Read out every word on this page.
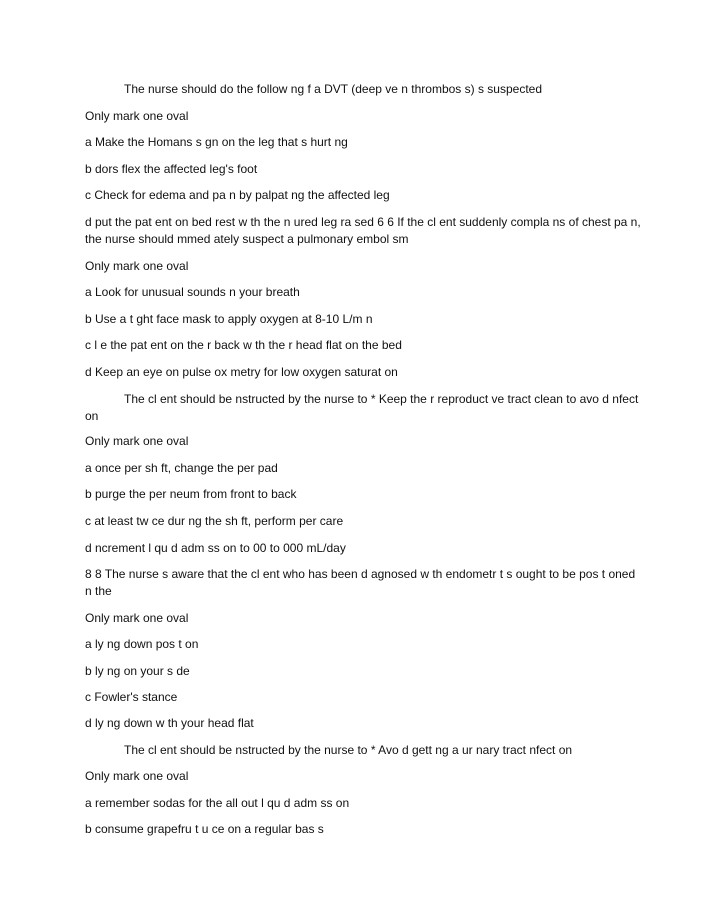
The nurse should do the follow ng f a DVT (deep ve n thrombos s) s suspected
Only mark one oval
a Make the Homans s gn on the leg that s hurt ng
b dors flex the affected leg's foot
c Check for edema and pa n by palpat ng the affected leg
d put the pat ent on bed rest w th the n ured leg ra sed 6 6 If the cl ent suddenly compla ns of chest pa n, the nurse should mmed ately suspect a pulmonary embol sm
Only mark one oval
a Look for unusual sounds n your breath
b Use a t ght face mask to apply oxygen at 8-10 L/m n
c l e the pat ent on the r back w th the r head flat on the bed
d Keep an eye on pulse ox metry for low oxygen saturat on
The cl ent should be nstructed by the nurse to * Keep the r reproduct ve tract clean to avo d nfect on
Only mark one oval
a once per sh ft, change the per pad
b purge the per neum from front to back
c at least tw ce dur ng the sh ft, perform per care
d ncrement l qu d adm ss on to 00 to 000 mL/day
8 8 The nurse s aware that the cl ent who has been d agnosed w th endometr t s ought to be pos t oned n the
Only mark one oval
a ly ng down pos t on
b ly ng on your s de
c Fowler's stance
d ly ng down w th your head flat
The cl ent should be nstructed by the nurse to * Avo d gett ng a ur nary tract nfect on
Only mark one oval
a remember sodas for the all out l qu d adm ss on
b consume grapefru t u ce on a regular bas s
